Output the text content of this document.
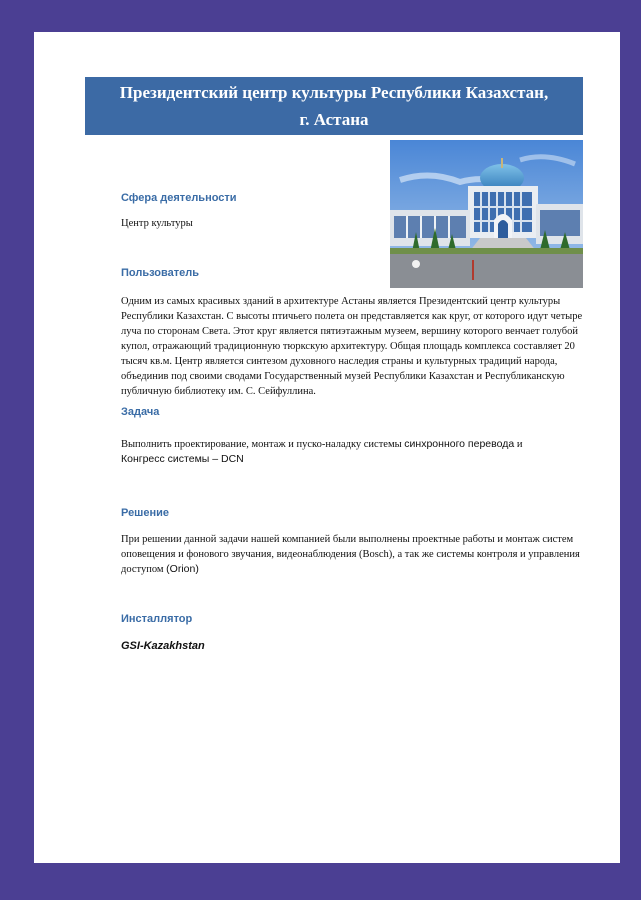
Президентский центр культуры Республики Казахстан,
г. Астана
Сфера деятельности
Центр культуры
Пользователь
Одним из самых красивых зданий в архитектуре Астаны является Президентский центр культуры Республики Казахстан. С высоты птичьего полета он представляется как круг, от которого идут четыре луча по сторонам Света. Этот круг является пятиэтажным музеем, вершину которого венчает голубой купол, отражающий традиционную тюркскую архитектуру. Общая площадь комплекса составляет 20 тысяч кв.м. Центр является синтезом духовного наследия страны и культурных традиций народа, объединив под своими сводами Государственный музей Республики Казахстан и Республиканскую публичную библиотеку им. С. Сейфуллина.
Задача
Выполнить проектирование, монтаж и пуско-наладку системы синхронного перевода и
Конгресс системы – DCN
Решение
При решении данной задачи нашей компанией были выполнены проектные работы и монтаж систем оповещения и фонового звучания, видеонаблюдения (Bosch), а так же системы контроля и управления доступом (Orion)
Инсталлятор
GSI-Kazakhstan
